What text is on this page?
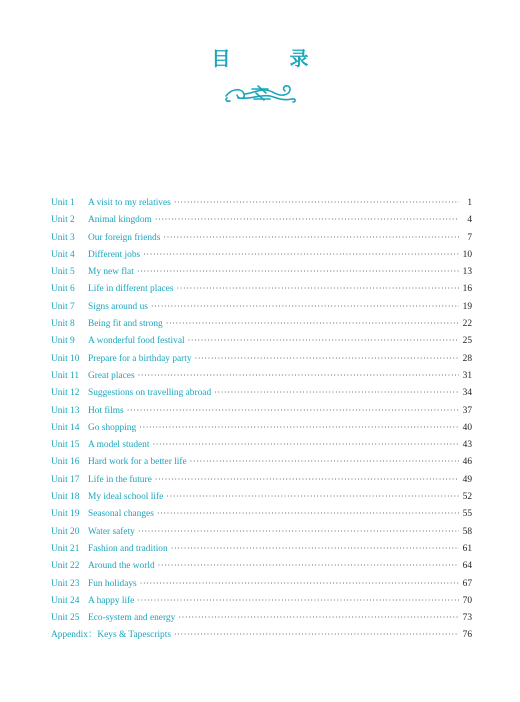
目　录
Unit 1	A visit to my relatives ·····	1
Unit 2	Animal kingdom ·····	4
Unit 3	Our foreign friends ·····	7
Unit 4	Different jobs ·····	10
Unit 5	My new flat ·····	13
Unit 6	Life in different places ·····	16
Unit 7	Signs around us ·····	19
Unit 8	Being fit and strong ·····	22
Unit 9	A wonderful food festival ·····	25
Unit 10 Prepare for a birthday party ·····	28
Unit 11 Great places ·····	31
Unit 12 Suggestions on travelling abroad ·····	34
Unit 13 Hot films ·····	37
Unit 14 Go shopping ·····	40
Unit 15 A model student ·····	43
Unit 16 Hard work for a better life ·····	46
Unit 17 Life in the future ·····	49
Unit 18 My ideal school life ·····	52
Unit 19 Seasonal changes ·····	55
Unit 20 Water safety ·····	58
Unit 21 Fashion and tradition ·····	61
Unit 22 Around the world ·····	64
Unit 23 Fun holidays ·····	67
Unit 24 A happy life ·····	70
Unit 25 Eco-system and energy ·····	73
Appendix ：Keys & Tapescripts ·····	76
